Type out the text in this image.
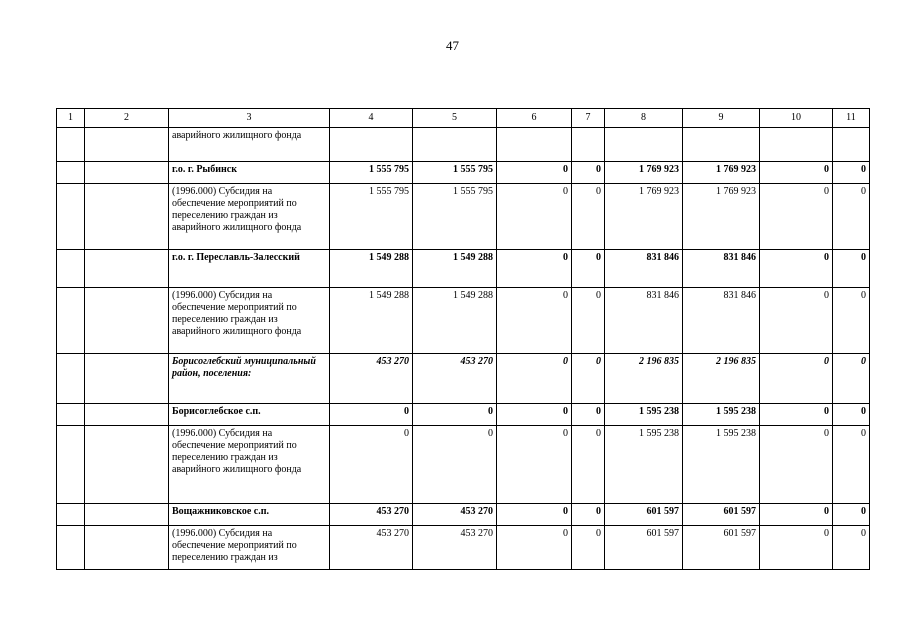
47
1	2	3	4	5	6	7	8	9	10	11
		аварийного жилищного фонда								
		г.о. г. Рыбинск	1 555 795	1 555 795	0	0	1 769 923	1 769 923	0	0
		(1996.000) Субсидия на обеспечение мероприятий по переселению граждан из аварийного жилищного фонда	1 555 795	1 555 795	0	0	1 769 923	1 769 923	0	0
		г.о. г. Переславль-Залесский	1 549 288	1 549 288	0	0	831 846	831 846	0	0
		(1996.000) Субсидия на обеспечение мероприятий по переселению граждан из аварийного жилищного фонда	1 549 288	1 549 288	0	0	831 846	831 846	0	0
		Борисоглебский муниципальный район, поселения:	453 270	453 270	0	0	2 196 835	2 196 835	0	0
		Борисоглебское с.п.	0	0	0	0	1 595 238	1 595 238	0	0
		(1996.000) Субсидия на обеспечение мероприятий по переселению граждан из аварийного жилищного фонда	0	0	0	0	1 595 238	1 595 238	0	0
		Вощажниковское с.п.	453 270	453 270	0	0	601 597	601 597	0	0
		(1996.000) Субсидия на обеспечение мероприятий по переселению граждан из	453 270	453 270	0	0	601 597	601 597	0	0
